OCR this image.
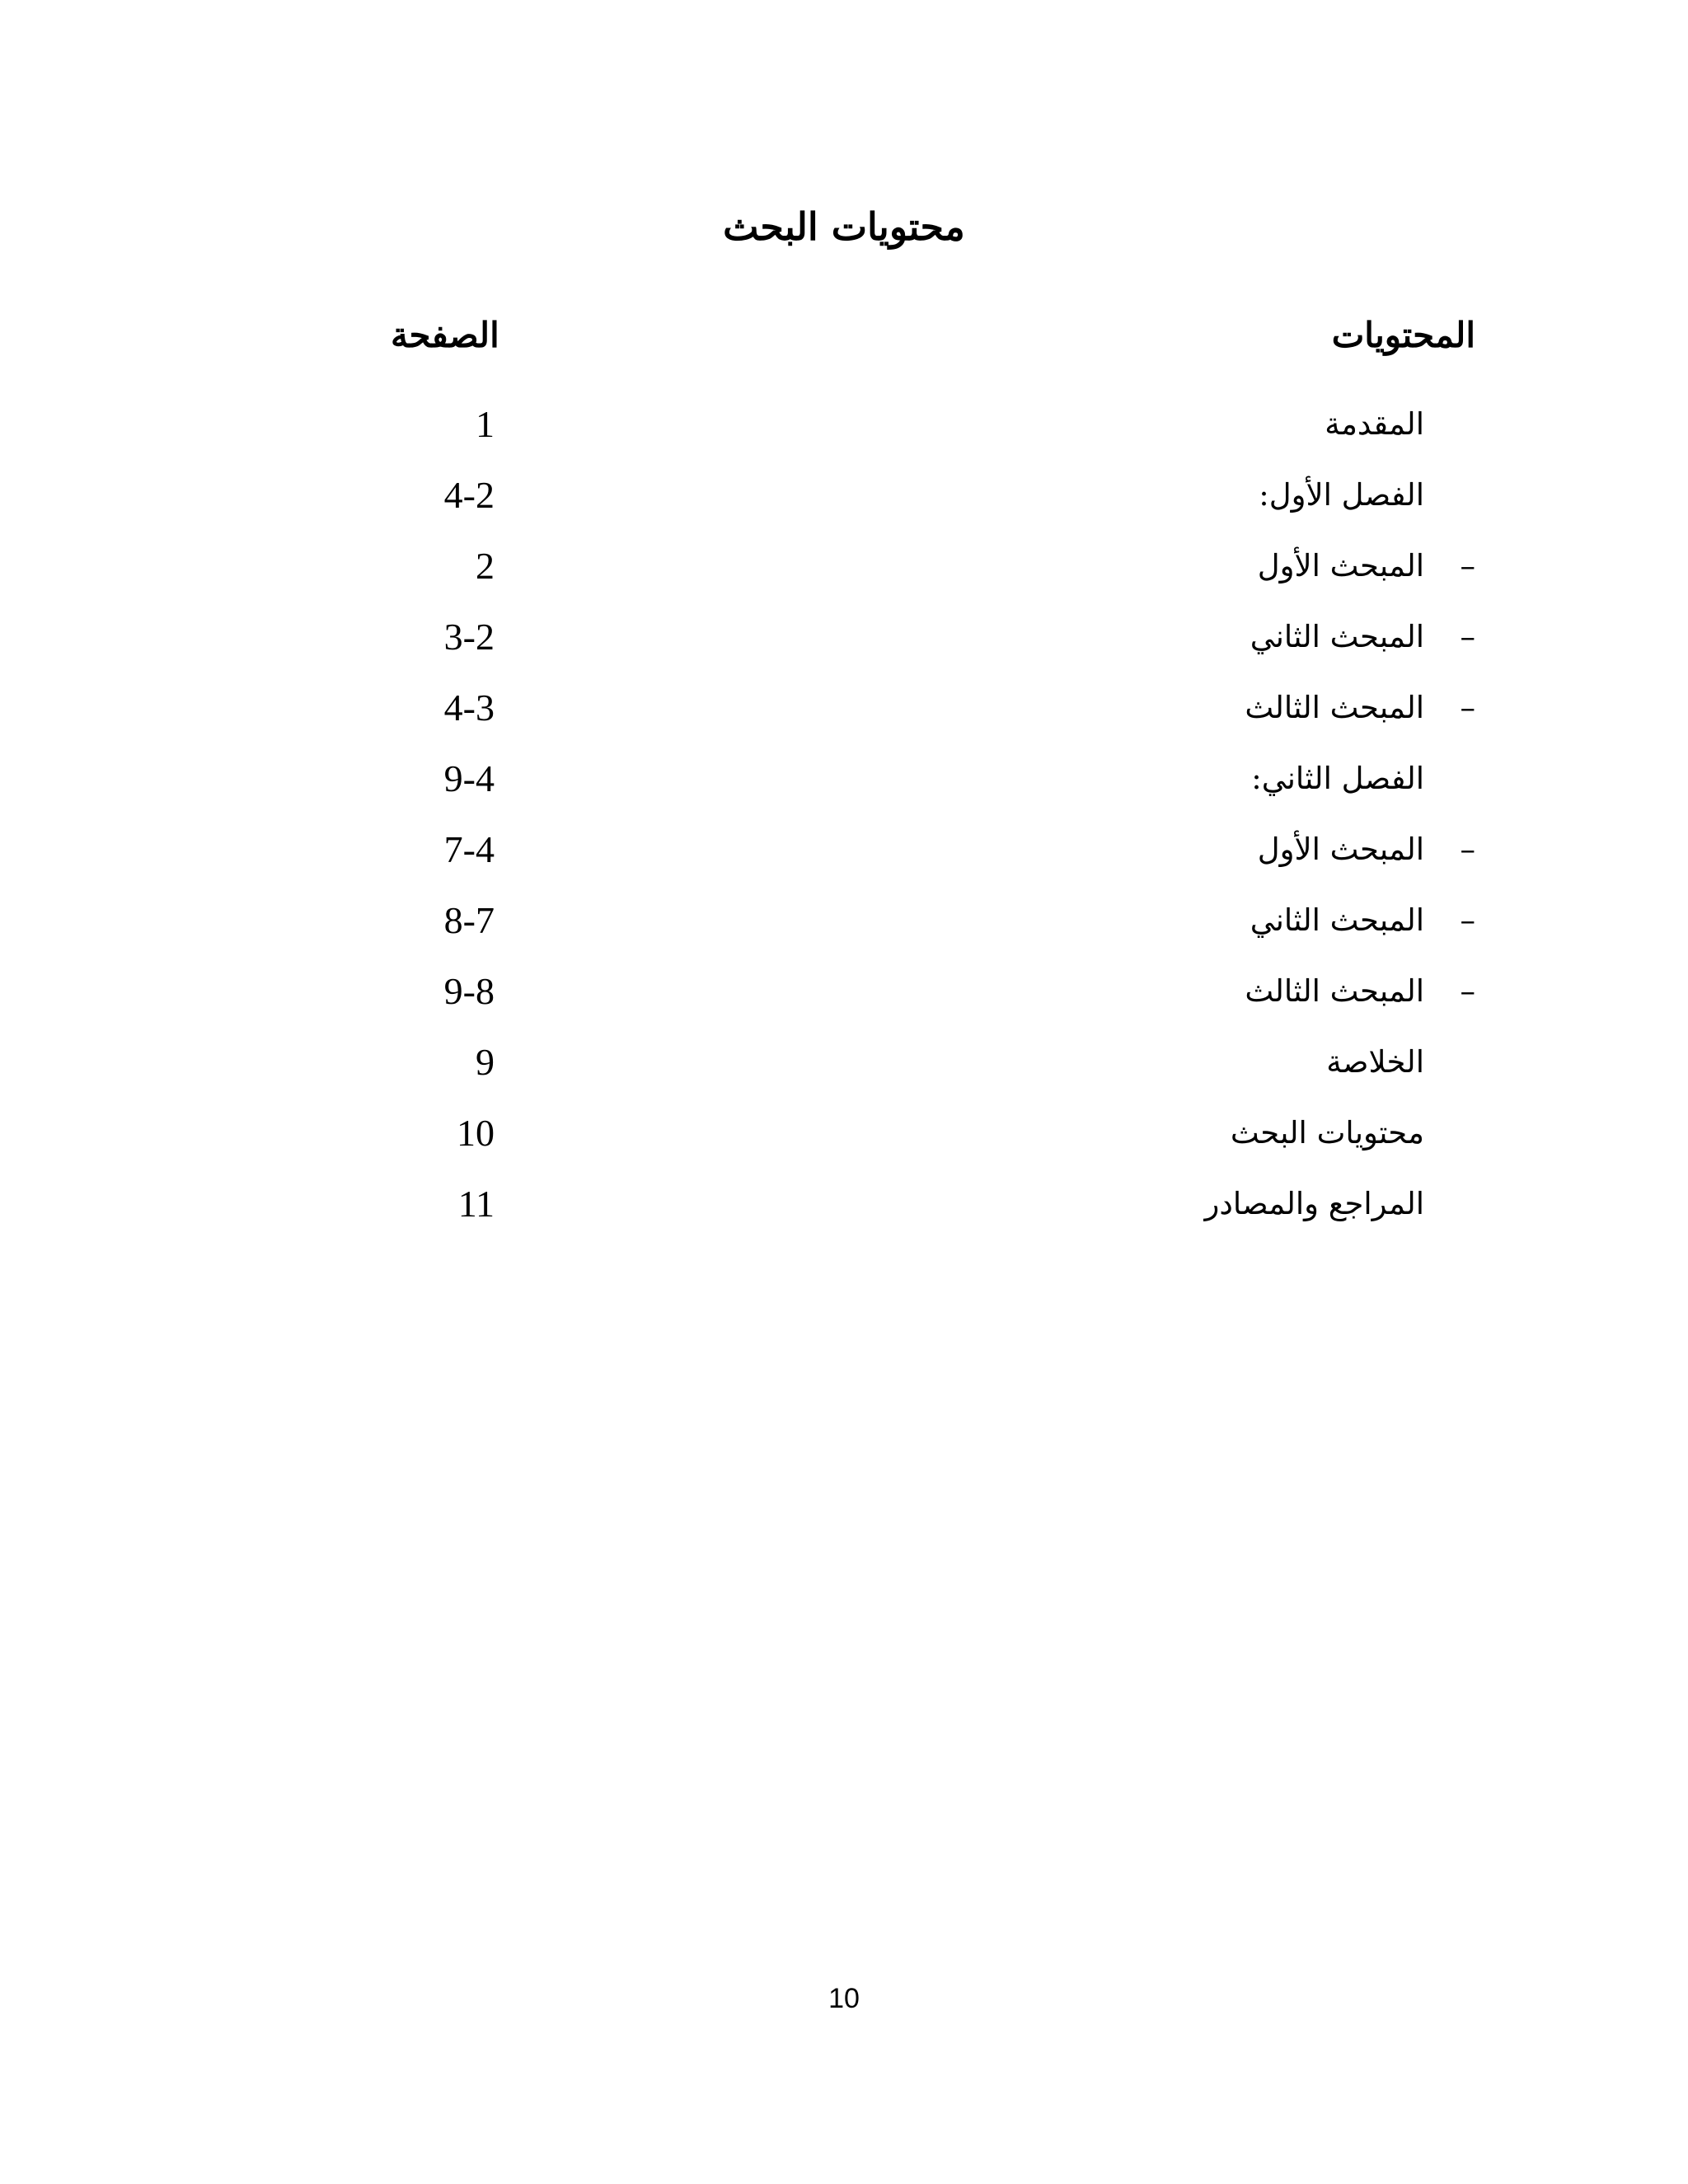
محتويات البحث
المحتويات
الصفحة
المقدمة
1
الفصل الأول:
4-2
–المبحث الأول
2
–المبحث الثاني
3-2
–المبحث الثالث
4-3
الفصل الثاني:
9-4
–المبحث الأول
7-4
–المبحث الثاني
8-7
–المبحث الثالث
9-8
الخلاصة
9
محتويات البحث
10
المراجع والمصادر
11
10
